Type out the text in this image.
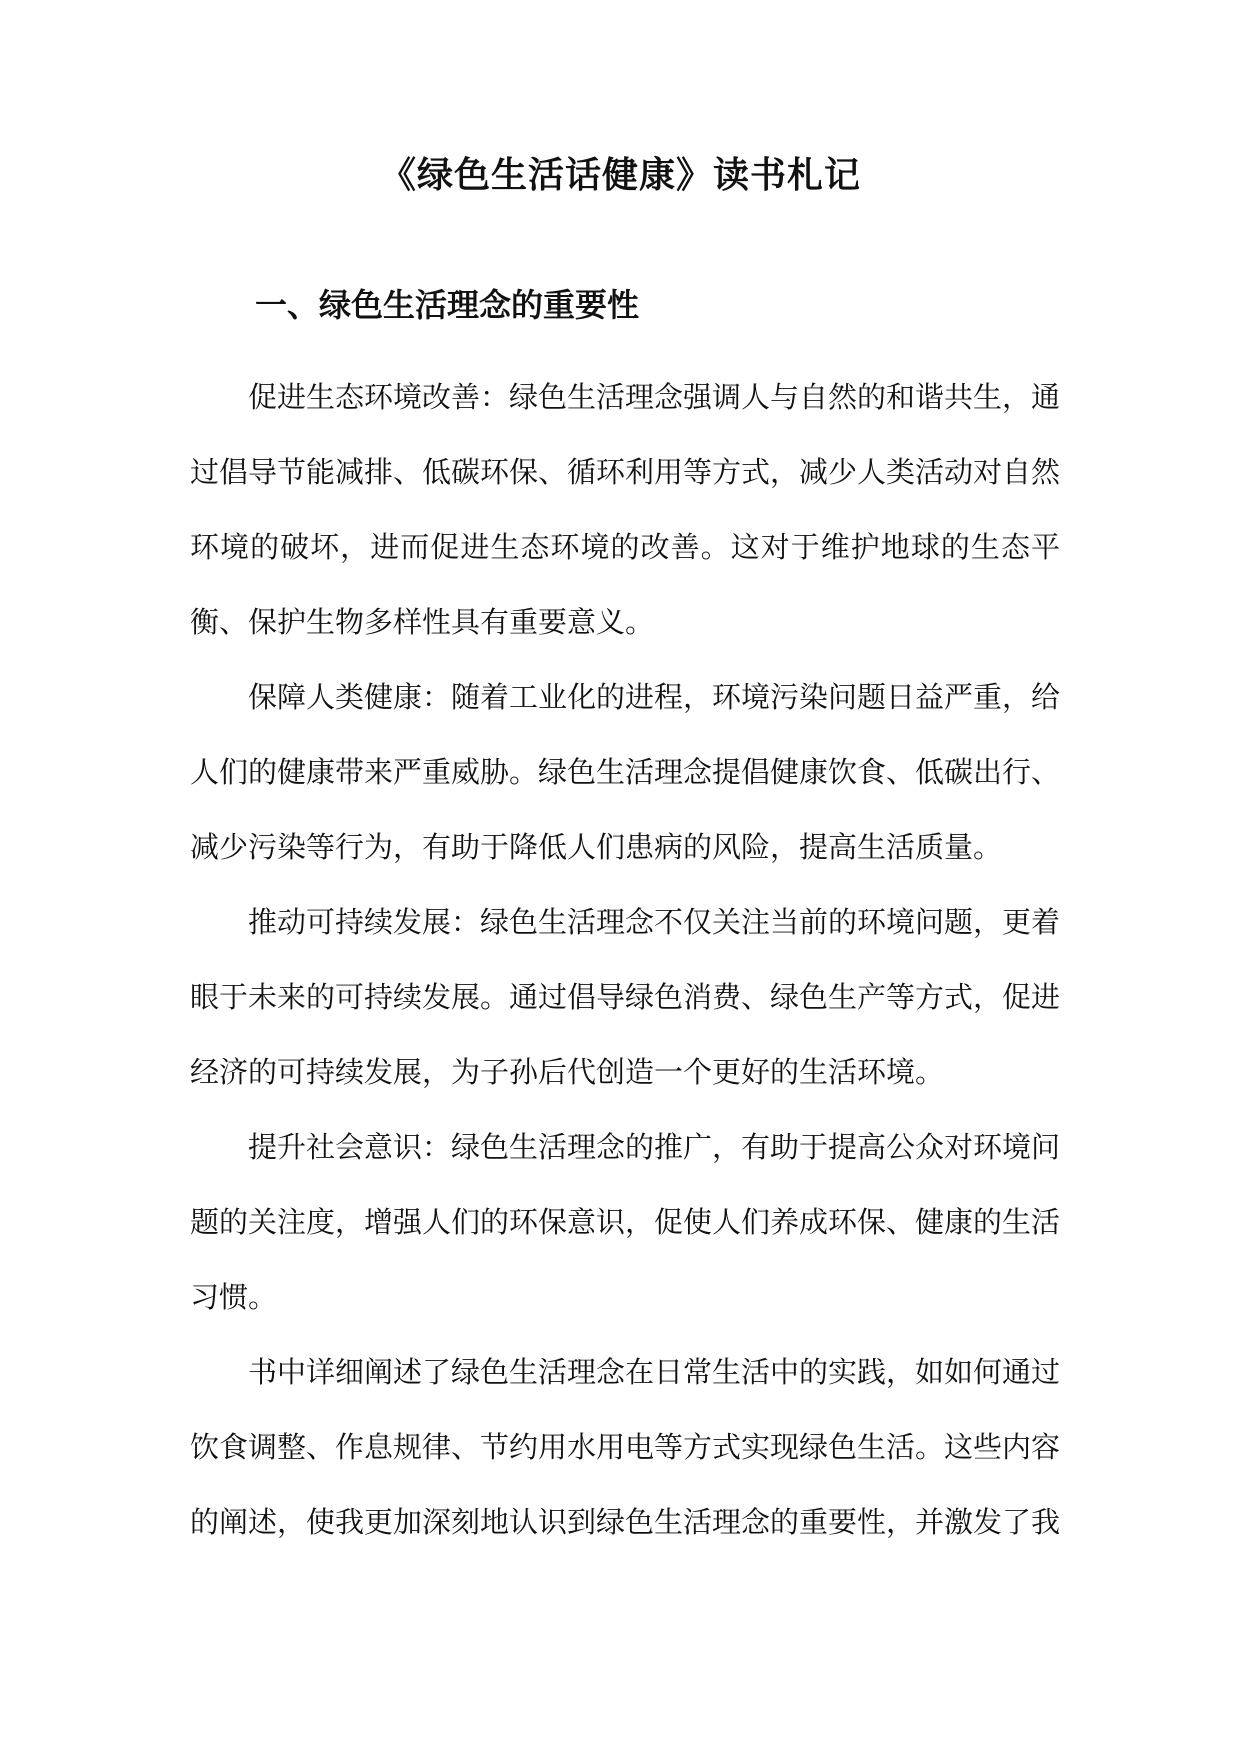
《绿色生活话健康》读书札记
一、绿色生活理念的重要性

促进生态环境改善：绿色生活理念强调人与自然的和谐共生，通过倡导节能减排、低碳环保、循环利用等方式，减少人类活动对自然环境的破坏，进而促进生态环境的改善。这对于维护地球的生态平衡、保护生物多样性具有重要意义。

保障人类健康：随着工业化的进程，环境污染问题日益严重，给人们的健康带来严重威胁。绿色生活理念提倡健康饮食、低碳出行、减少污染等行为，有助于降低人们患病的风险，提高生活质量。

推动可持续发展：绿色生活理念不仅关注当前的环境问题，更着眼于未来的可持续发展。通过倡导绿色消费、绿色生产等方式，促进经济的可持续发展，为子孙后代创造一个更好的生活环境。

提升社会意识：绿色生活理念的推广，有助于提高公众对环境问题的关注度，增强人们的环保意识，促使人们养成环保、健康的生活习惯。

书中详细阐述了绿色生活理念在日常生活中的实践，如如何通过饮食调整、作息规律、节约用水用电等方式实现绿色生活。这些内容的阐述，使我更加深刻地认识到绿色生活理念的重要性，并激发了我
